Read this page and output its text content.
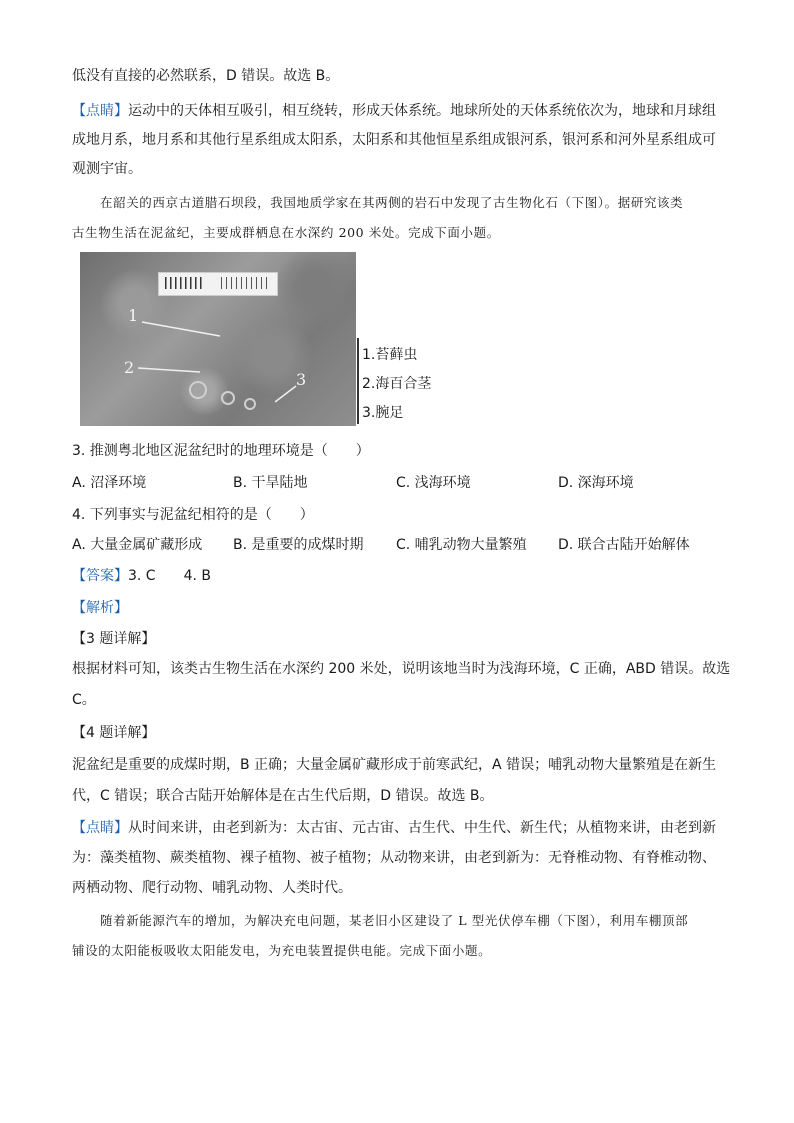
低没有直接的必然联系，D 错误。故选 B。
【点睛】运动中的天体相互吸引，相互绕转，形成天体系统。地球所处的天体系统依次为，地球和月球组
成地月系，地月系和其他行星系组成太阳系，太阳系和其他恒星系组成银河系，银河系和河外星系组成可
观测宇宙。
在韶关的西京古道腊石坝段，我国地质学家在其两侧的岩石中发现了古生物化石（下图）。据研究该类
古生物生活在泥盆纪，主要成群栖息在水深约 200 米处。完成下面小题。
1
2
3
1.苔藓虫
2.海百合茎
3.腕足
3. 推测粤北地区泥盆纪时的地理环境是（　　）
A. 沼泽环境	B. 干旱陆地	C. 浅海环境	D. 深海环境
4. 下列事实与泥盆纪相符的是（　　）
A. 大量金属矿藏形成 B. 是重要的成煤时期 C. 哺乳动物大量繁殖 D. 联合古陆开始解体
【答案】3. C　　4. B
【解析】
【3 题详解】
根据材料可知，该类古生物生活在水深约 200 米处，说明该地当时为浅海环境，C 正确，ABD 错误。故选
C。
【4 题详解】
泥盆纪是重要的成煤时期，B 正确；大量金属矿藏形成于前寒武纪，A 错误；哺乳动物大量繁殖是在新生
代，C 错误；联合古陆开始解体是在古生代后期，D 错误。故选 B。
【点睛】从时间来讲，由老到新为：太古宙、元古宙、古生代、中生代、新生代；从植物来讲，由老到新
为：藻类植物、蕨类植物、裸子植物、被子植物；从动物来讲，由老到新为：无脊椎动物、有脊椎动物、
两栖动物、爬行动物、哺乳动物、人类时代。
随着新能源汽车的增加，为解决充电问题，某老旧小区建设了 L 型光伏停车棚（下图），利用车棚顶部
铺设的太阳能板吸收太阳能发电，为充电装置提供电能。完成下面小题。
